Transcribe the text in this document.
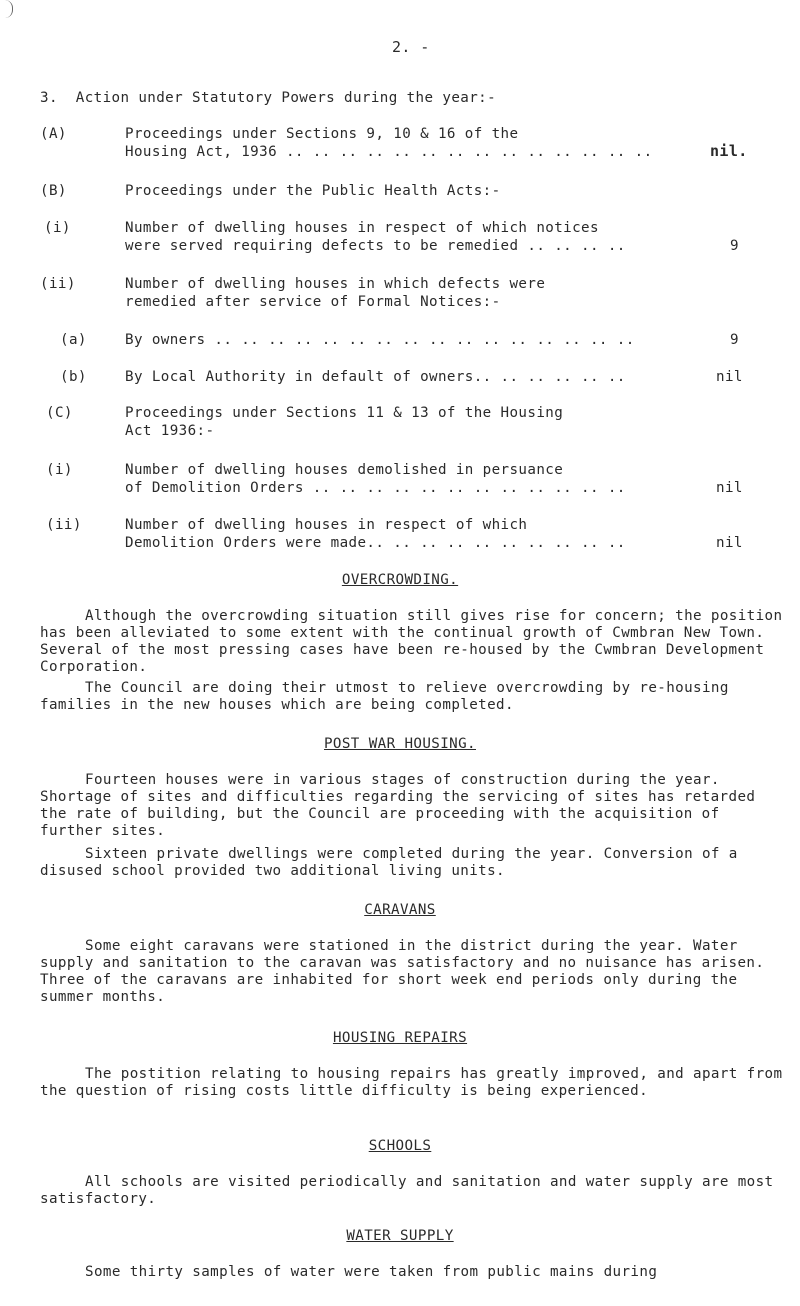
2. -
3.  Action under Statutory Powers during the year:-
(A)	Proceedings under Sections 9, 10 & 16 of the
Housing Act, 1936 .. .. .. .. .. .. .. .. .. .. .. .. .. ..	nil.
(B)	Proceedings under the Public Health Acts:-
(i)	Number of dwelling houses in respect of which notices
were served requiring defects to be remedied .. .. .. ..	9
(ii)	Number of dwelling houses in which defects were
remedied after service of Formal Notices:-
(a)	By owners .. .. .. .. .. .. .. .. .. .. .. .. .. .. .. ..	9
(b)	By Local Authority in default of owners.. .. .. .. .. ..	nil
(C)	Proceedings under Sections 11 & 13 of the Housing
Act 1936:-
(i)	Number of dwelling houses demolished in persuance
of Demolition Orders .. .. .. .. .. .. .. .. .. .. .. ..	nil
(ii)	Number of dwelling houses in respect of which
Demolition Orders were made.. .. .. .. .. .. .. .. .. ..	nil
OVERCROWDING.
Although the overcrowding situation still gives rise for concern; the position has been alleviated to some extent with the continual growth of Cwmbran New Town. Several of the most pressing cases have been re-housed by the Cwmbran Development Corporation.
The Council are doing their utmost to relieve overcrowding by re-housing families in the new houses which are being completed.
POST WAR HOUSING.
Fourteen houses were in various stages of construction during the year. Shortage of sites and difficulties regarding the servicing of sites has retarded the rate of building, but the Council are proceeding with the acquisition of further sites.
Sixteen private dwellings were completed during the year. Conversion of a disused school provided two additional living units.
CARAVANS
Some eight caravans were stationed in the district during the year. Water supply and sanitation to the caravan was satisfactory and no nuisance has arisen. Three of the caravans are inhabited for short week end periods only during the summer months.
HOUSING REPAIRS
The postition relating to housing repairs has greatly improved, and apart from the question of rising costs little difficulty is being experienced.
SCHOOLS
All schools are visited periodically and sanitation and water supply are most satisfactory.
WATER SUPPLY
Some thirty samples of water were taken from public mains during
